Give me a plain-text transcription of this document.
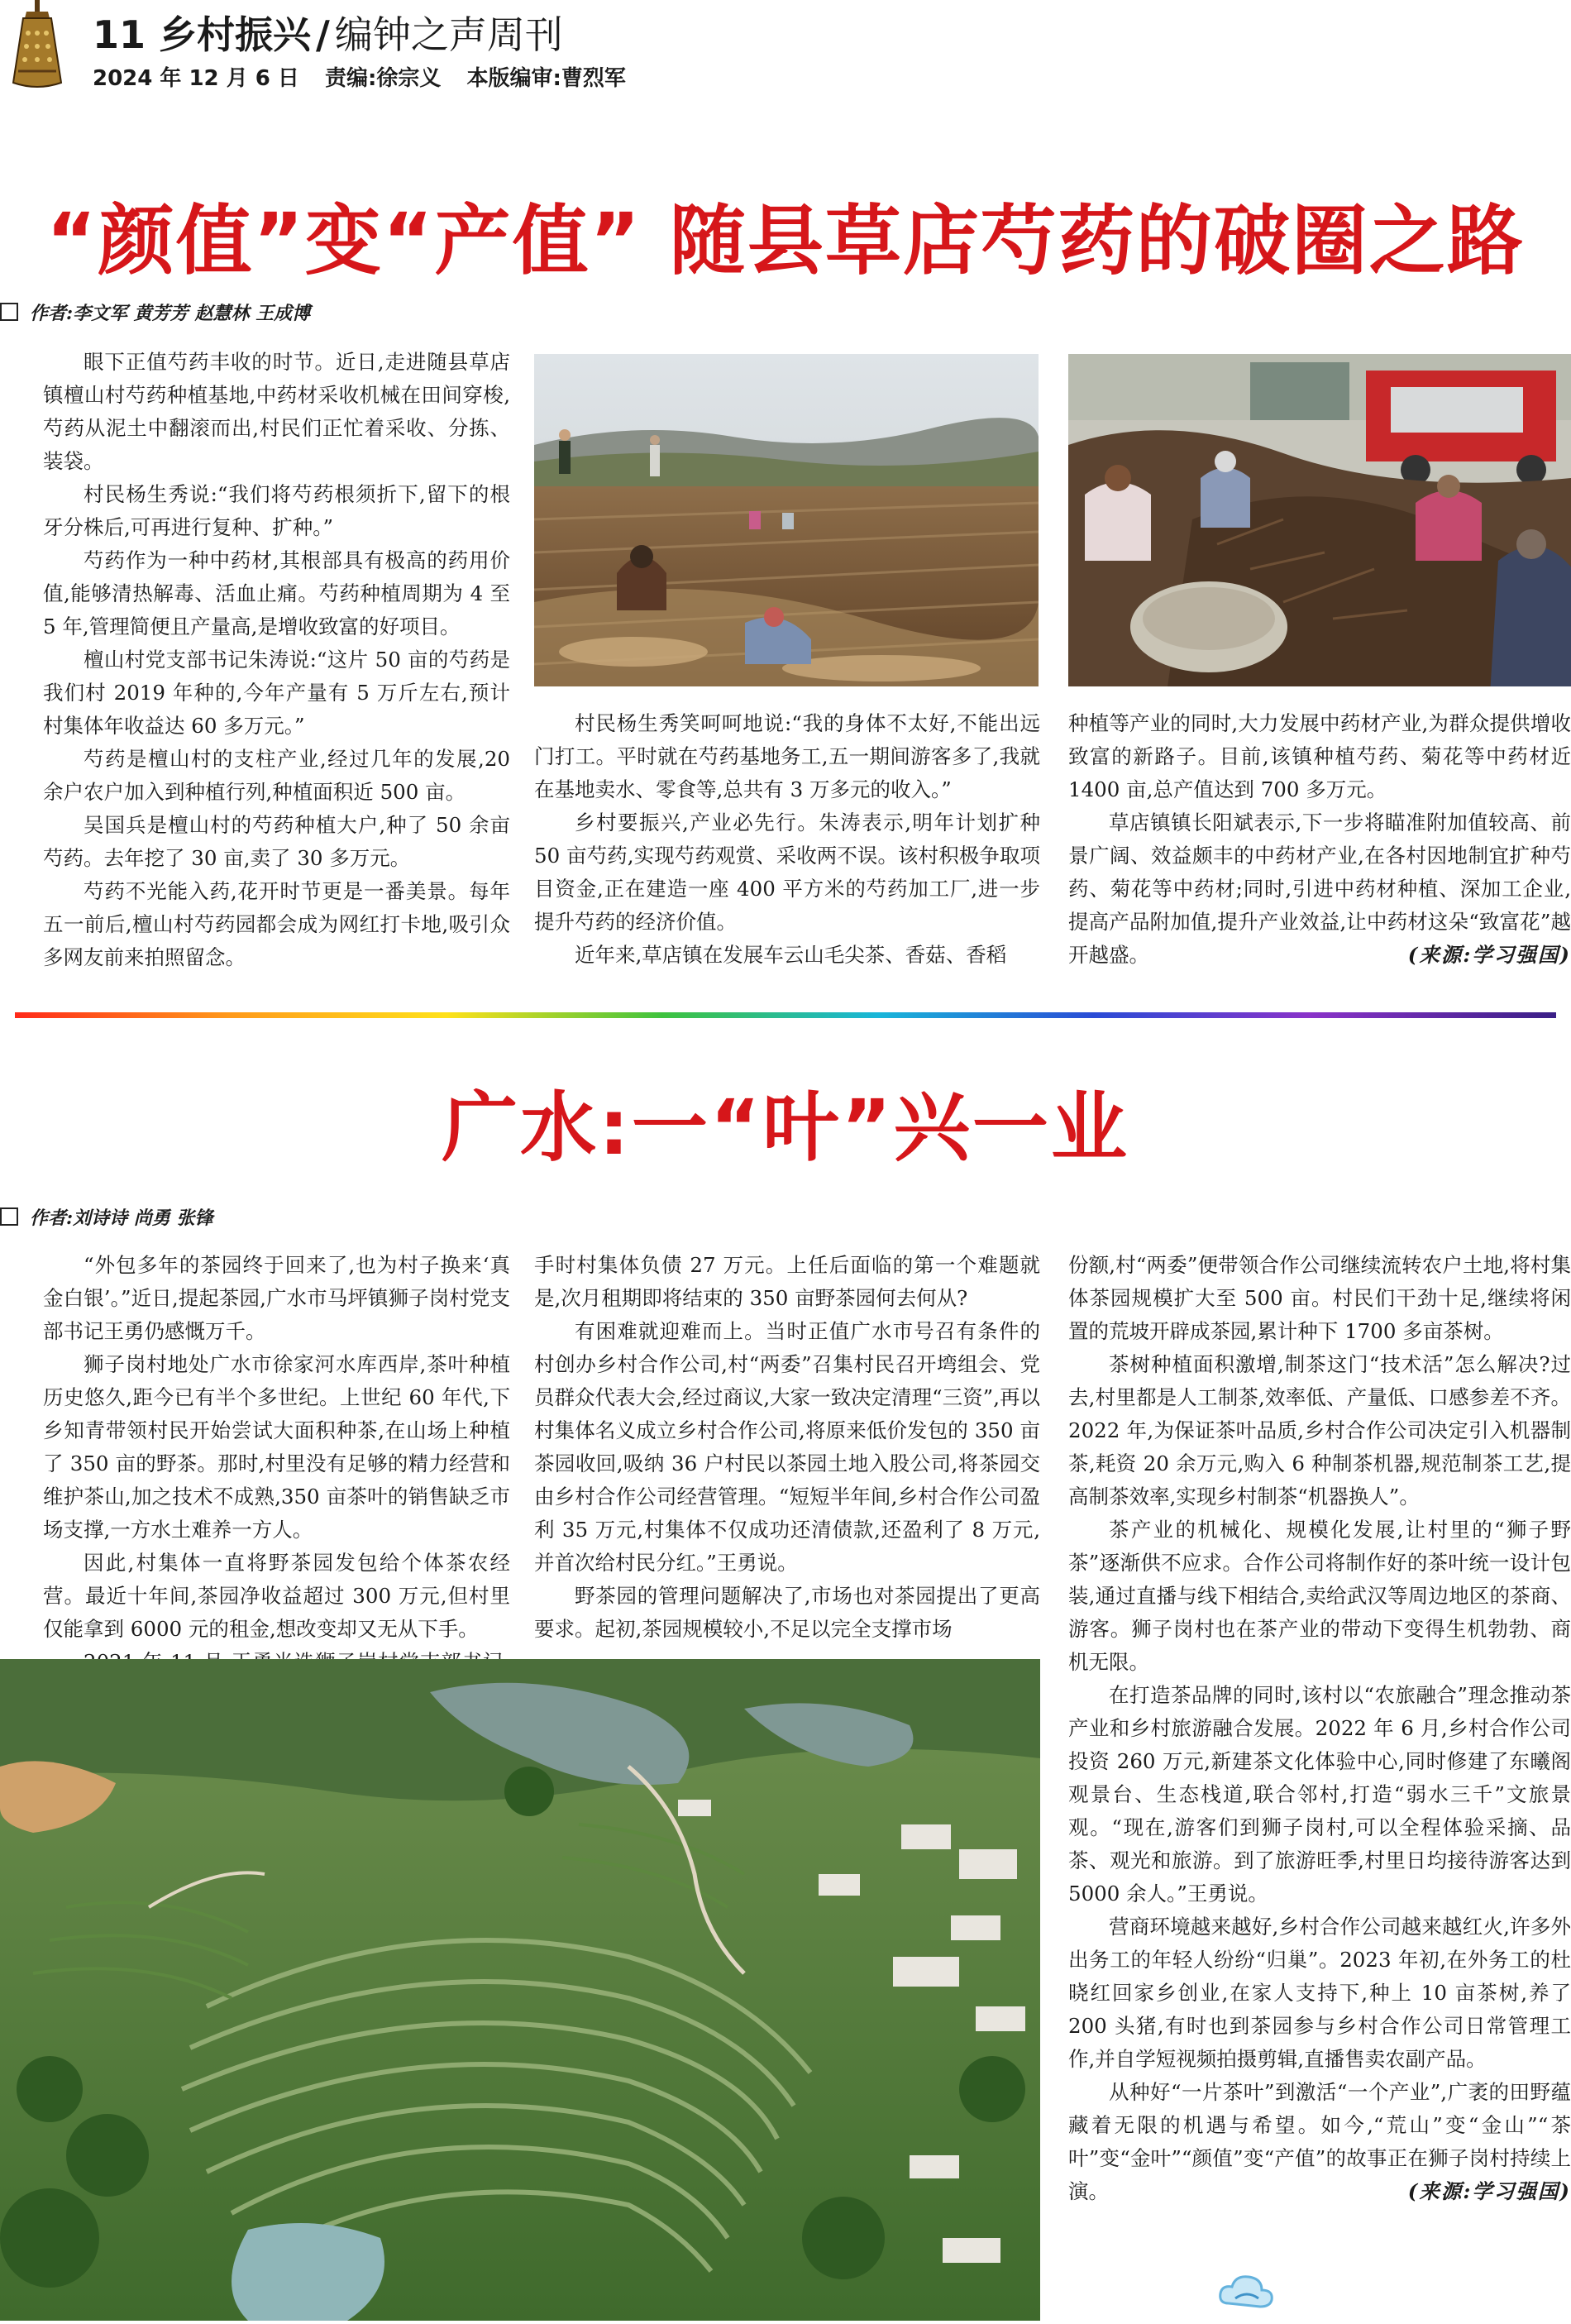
11 乡村振兴 / 编钟之声周刊
2024 年 12 月 6 日 责编:徐宗义 本版编审:曹烈军
“颜值”变“产值” 随县草店芍药的破圈之路
作者:李文军 黄芳芳 赵慧林 王成博

眼下正值芍药丰收的时节。近日,走进随县草店镇檀山村芍药种植基地,中药材采收机械在田间穿梭,芍药从泥土中翻滚而出,村民们正忙着采收、分拣、装袋。

村民杨生秀说:“我们将芍药根须折下,留下的根牙分株后,可再进行复种、扩种。”

芍药作为一种中药材,其根部具有极高的药用价值,能够清热解毒、活血止痛。芍药种植周期为 4 至 5 年,管理简便且产量高,是增收致富的好项目。

檀山村党支部书记朱涛说:“这片 50 亩的芍药是我们村 2019 年种的,今年产量有 5 万斤左右,预计村集体年收益达 60 多万元。”

芍药是檀山村的支柱产业,经过几年的发展,20 余户农户加入到种植行列,种植面积近 500 亩。

吴国兵是檀山村的芍药种植大户,种了 50 余亩芍药。去年挖了 30 亩,卖了 30 多万元。

芍药不光能入药,花开时节更是一番美景。每年五一前后,檀山村芍药园都会成为网红打卡地,吸引众多网友前来拍照留念。

村民杨生秀笑呵呵地说:“我的身体不太好,不能出远门打工。平时就在芍药基地务工,五一期间游客多了,我就在基地卖水、零食等,总共有 3 万多元的收入。”

乡村要振兴,产业必先行。朱涛表示,明年计划扩种 50 亩芍药,实现芍药观赏、采收两不误。该村积极争取项目资金,正在建造一座 400 平方米的芍药加工厂,进一步提升芍药的经济价值。

近年来,草店镇在发展车云山毛尖茶、香菇、香稻

种植等产业的同时,大力发展中药材产业,为群众提供增收致富的新路子。目前,该镇种植芍药、菊花等中药材近 1400 亩,总产值达到 700 多万元。

草店镇镇长阳斌表示,下一步将瞄准附加值较高、前景广阔、效益颇丰的中药材产业,在各村因地制宜扩种芍药、菊花等中药材;同时,引进中药材种植、深加工企业,提高产品附加值,提升产业效益,让中药材这朵“致富花”越开越盛。	(来源:学习强国)

广水:一“叶”兴一业
作者:刘诗诗 尚勇 张锋

“外包多年的茶园终于回来了,也为村子换来‘真金白银’。”近日,提起茶园,广水市马坪镇狮子岗村党支部书记王勇仍感慨万千。

狮子岗村地处广水市徐家河水库西岸,茶叶种植历史悠久,距今已有半个多世纪。上世纪 60 年代,下乡知青带领村民开始尝试大面积种茶,在山场上种植了 350 亩的野茶。那时,村里没有足够的精力经营和维护茶山,加之技术不成熟,350 亩茶叶的销售缺乏市场支撑,一方水土难养一方人。

因此,村集体一直将野茶园发包给个体茶农经营。最近十年间,茶园净收益超过 300 万元,但村里仅能拿到 6000 元的租金,想改变却又无从下手。

手时村集体负债 27 万元。上任后面临的第一个难题就是,次月租期即将结束的 350 亩野茶园何去何从?

有困难就迎难而上。当时正值广水市号召有条件的村创办乡村合作公司,村“两委”召集村民召开塆组会、党员群众代表大会,经过商议,大家一致决定清理“三资”,再以村集体名义成立乡村合作公司,将原来低价发包的 350 亩茶园收回,吸纳 36 户村民以茶园土地入股公司,将茶园交由乡村合作公司经营管理。“短短半年间,乡村合作公司盈利 35 万元,村集体不仅成功还清债款,还盈利了 8 万元,并首次给村民分红。”王勇说。

野茶园的管理问题解决了,市场也对茶园提出了更高要求。起初,茶园规模较小,不足以完全支撑市场

份额,村“两委”便带领合作公司继续流转农户土地,将村集体茶园规模扩大至 500 亩。村民们干劲十足,继续将闲置的荒坡开辟成茶园,累计种下 1700 多亩茶树。

茶树种植面积激增,制茶这门“技术活”怎么解决?过去,村里都是人工制茶,效率低、产量低、口感参差不齐。2022 年,为保证茶叶品质,乡村合作公司决定引入机器制茶,耗资 20 余万元,购入 6 种制茶机器,规范制茶工艺,提高制茶效率,实现乡村制茶“机器换人”。

茶产业的机械化、规模化发展,让村里的“狮子野茶”逐渐供不应求。合作公司将制作好的茶叶统一设计包装,通过直播与线下相结合,卖给武汉等周边地区的茶商、游客。狮子岗村也在茶产业的带动下变得生机勃勃、商机无限。

在打造茶品牌的同时,该村以“农旅融合”理念推动茶产业和乡村旅游融合发展。2022 年 6 月,乡村合作公司投资 260 万元,新建茶文化体验中心,同时修建了东曦阁观景台、生态栈道,联合邻村,打造“弱水三千”文旅景观。“现在,游客们到狮子岗村,可以全程体验采摘、品茶、观光和旅游。到了旅游旺季,村里日均接待游客达到 5000 余人。”王勇说。

营商环境越来越好,乡村合作公司越来越红火,许多外出务工的年轻人纷纷“归巢”。2023 年初,在外务工的杜晓红回家乡创业,在家人支持下,种上 10 亩茶树,养了 200 头猪,有时也到茶园参与乡村合作公司日常管理工作,并自学短视频拍摄剪辑,直播售卖农副产品。

从种好“一片茶叶”到激活“一个产业”,广袤的田野蕴藏着无限的机遇与希望。如今,“荒山”变“金山”“茶叶”变“金叶”“颜值”变“产值”的故事正在狮子岗村持续上演。	(来源:学习强国)
